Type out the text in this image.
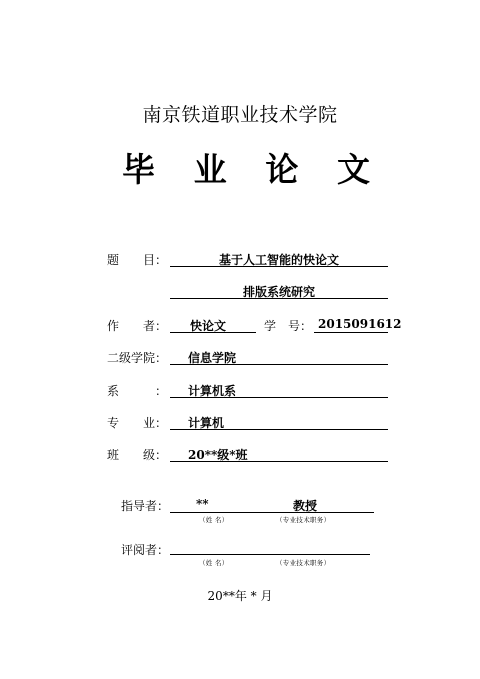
南京铁道职业技术学院
毕 业 论 文
题　　目：	基于人工智能的快论文
排版系统研究
作　　者： 快论文	学　号： 2015091612
二级学院： 信息学院
系　　　： 计算机系
专　　业： 计算机
班　　级： 20**级*班
指导者： **	教授
（姓 名）	（专业技术职务）
评阅者：
（姓 名）	（专业技术职务）
20**年 * 月
